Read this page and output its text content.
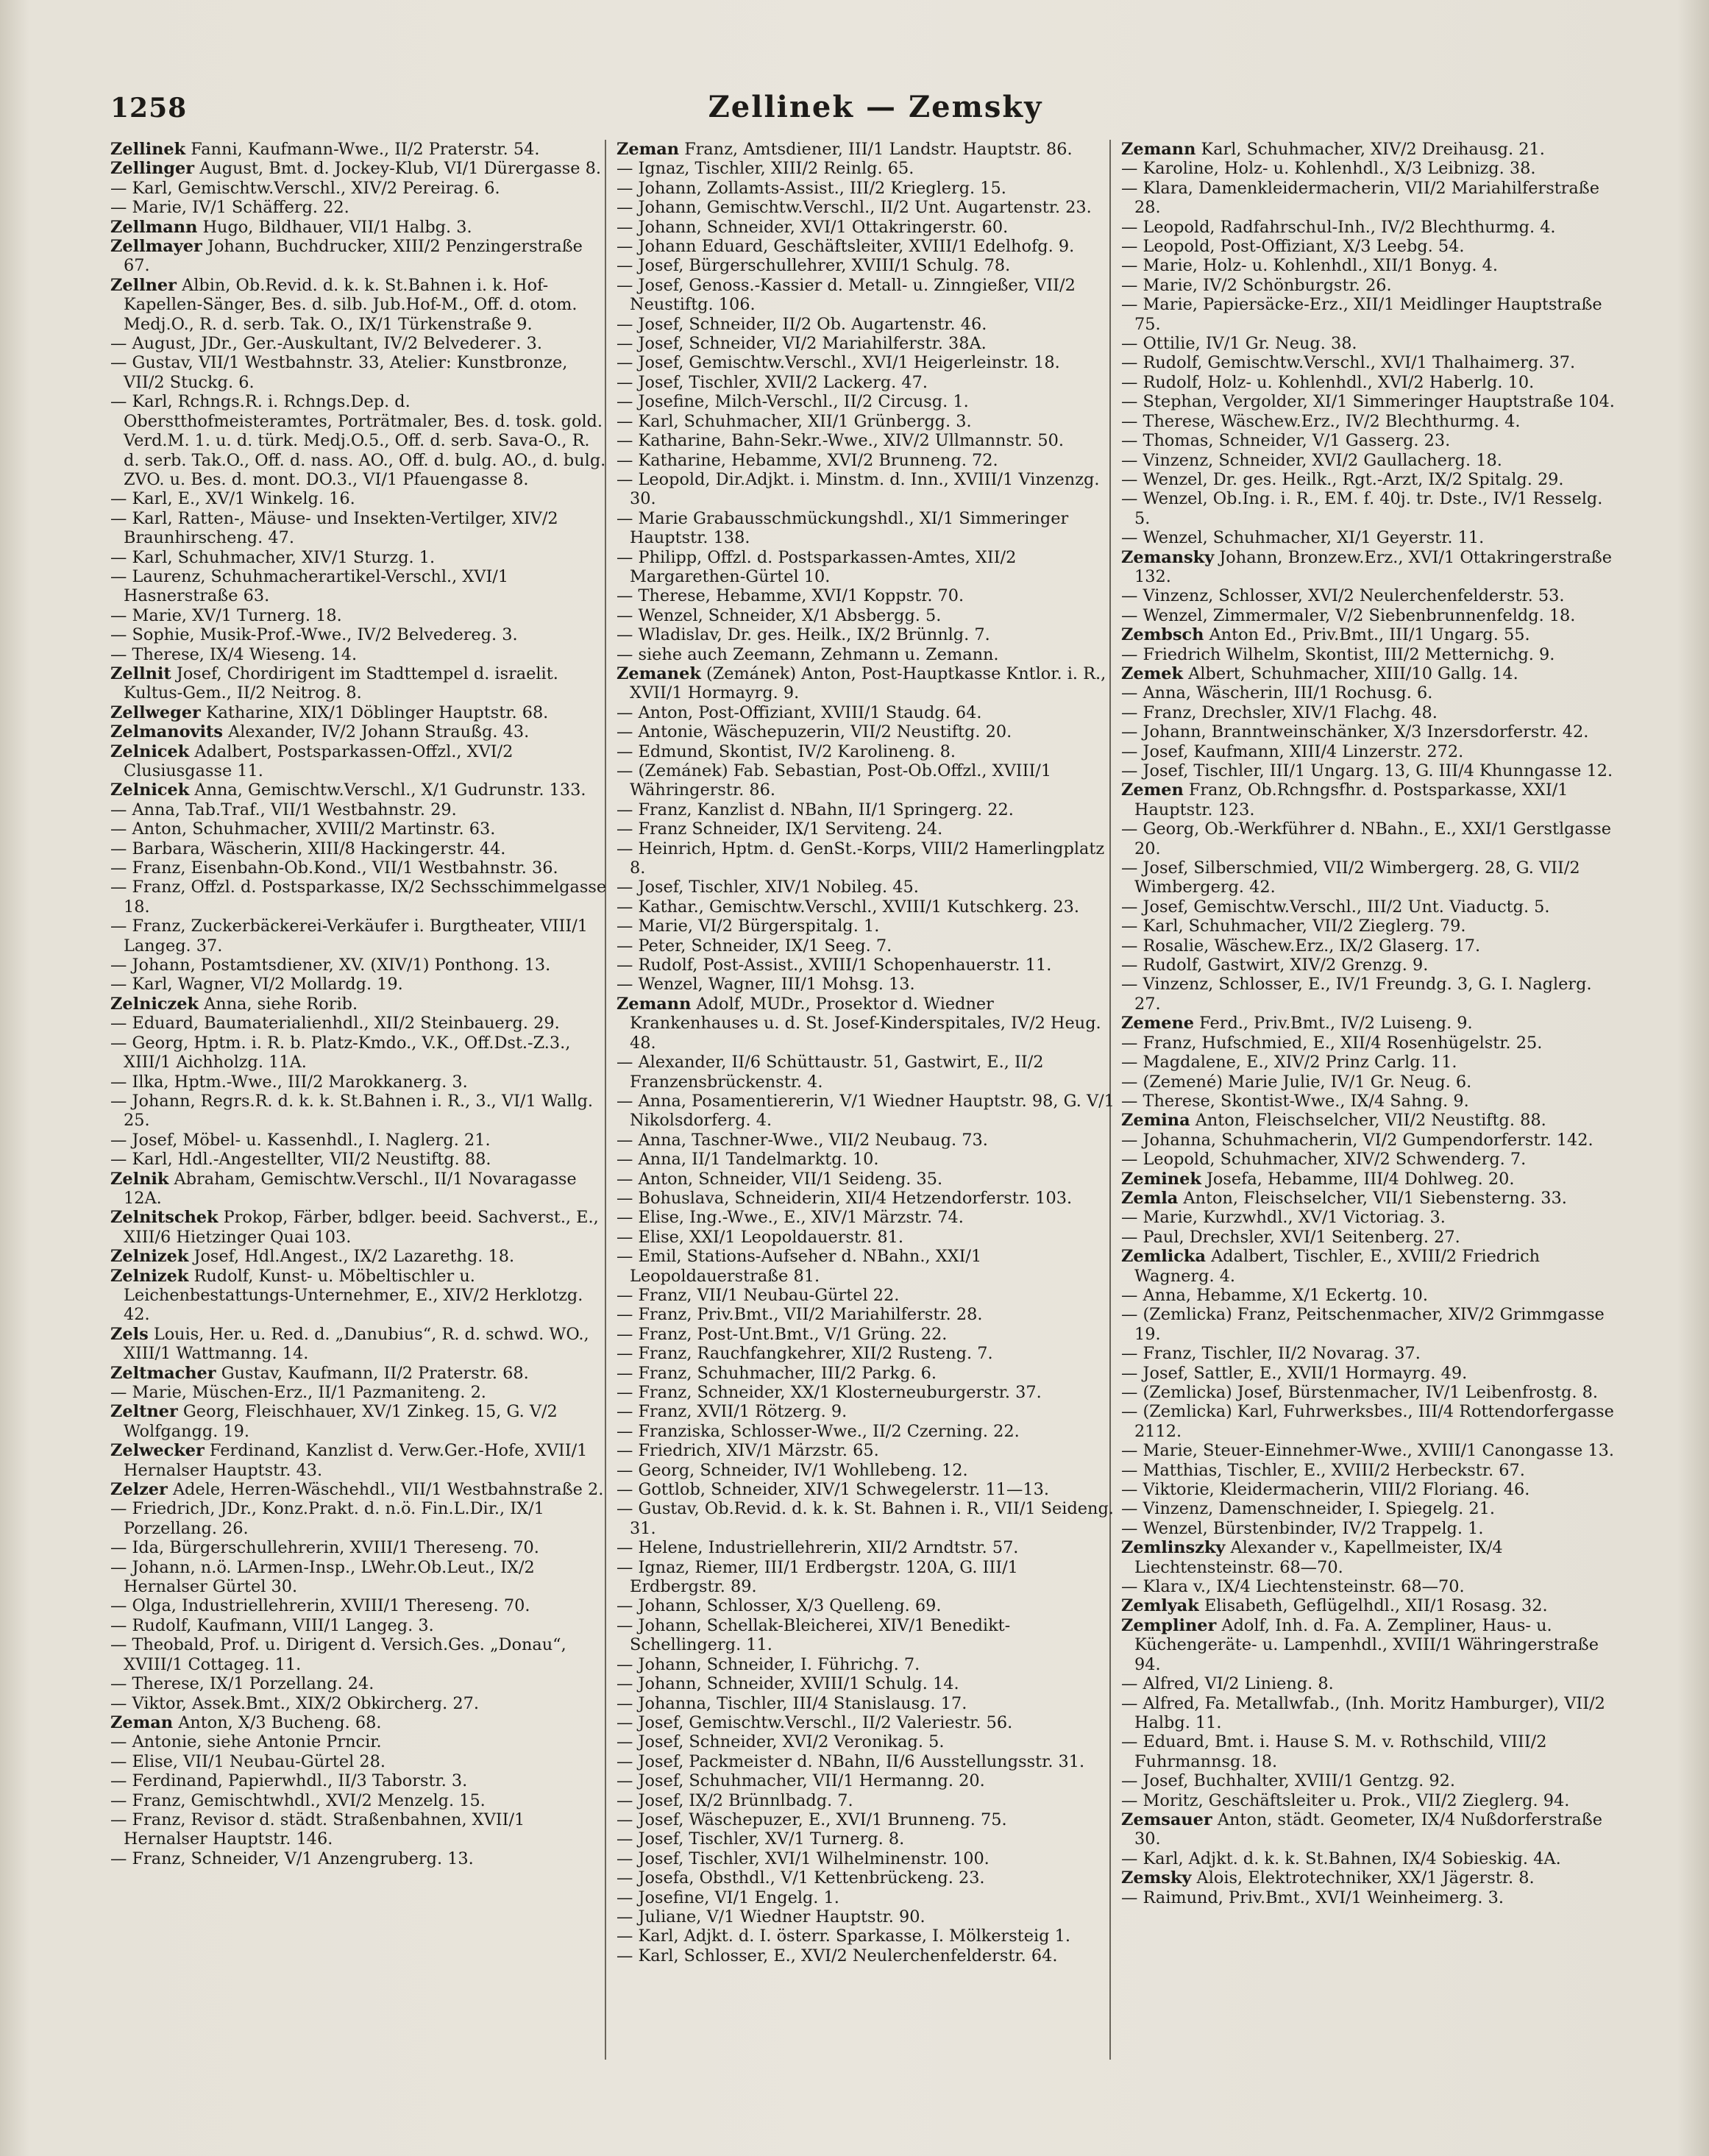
1258	Zellinek — Zemsky

Zellinek Fanni, Kaufmann-Wwe., II/2 Praterstr. 54.

Zellinger August, Bmt. d. Jockey-Klub, VI/1 Dürergasse 8.

— Karl, Gemischtw.Verschl., XIV/2 Pereirag. 6.

— Marie, IV/1 Schäfferg. 22.

Zellmann Hugo, Bildhauer, VII/1 Halbg. 3.

Zellmayer Johann, Buchdrucker, XIII/2 Penzingerstraße 67.

Zellner Albin, Ob.Revid. d. k. k. St.Bahnen i. k. Hof-Kapellen-Sänger, Bes. d. silb. Jub.Hof-M., Off. d. otom. Medj.O., R. d. serb. Tak. O., IX/1 Türkenstraße 9.

— August, JDr., Ger.-Auskultant, IV/2 Belvederег. 3.

— Gustav, VII/1 Westbahnstr. 33, Atelier: Kunstbronze, VII/2 Stuckg. 6.

— Karl, Rchngs.R. i. Rchngs.Dep. d. Oberstthofmeisteramtes, Porträtmaler, Bes. d. tosk. gold. Verd.M. 1. u. d. türk. Medj.O.5., Off. d. serb. Sava-O., R. d. serb. Tak.O., Off. d. nass. AO., Off. d. bulg. AO., d. bulg. ZVO. u. Bes. d. mont. DO.3., VI/1 Pfauengasse 8.

— Karl, E., XV/1 Winkelg. 16.

— Karl, Ratten-, Mäuse- und Insekten-Vertilger, XIV/2 Braunhirschеng. 47.

— Karl, Schuhmacher, XIV/1 Sturzg. 1.

— Laurenz, Schuhmacherartikel-Verschl., XVI/1 Hasnerstraße 63.

— Marie, XV/1 Turnerg. 18.

— Sophie, Musik-Prof.-Wwe., IV/2 Belvedereg. 3.

— Therese, IX/4 Wieseng. 14.

Zellnit Josef, Chordirigent im Stadttempel d. israelit. Kultus-Gem., II/2 Neitrog. 8.

Zellweger Katharine, XIX/1 Döblinger Hauptstr. 68.

Zelmanovits Alexander, IV/2 Johann Straußg. 43.

Zelnicek Adalbert, Postsparkassen-Offzl., XVI/2 Clusiusgasse 11.

Zelnicek Anna, Gemischtw.Verschl., X/1 Gudrunstr. 133.

— Anna, Tab.Traf., VII/1 Westbahnstr. 29.

— Anton, Schuhmacher, XVIII/2 Martinstr. 63.

— Barbara, Wäscherin, XIII/8 Hackingerstr. 44.

— Franz, Eisenbahn-Ob.Kond., VII/1 Westbahnstr. 36.

— Franz, Offzl. d. Postsparkasse, IX/2 Sechsschimmelgasse 18.

— Franz, Zuckerbäckerei-Verkäufer i. Burgtheater, VIII/1 Langeg. 37.

— Johann, Postamtsdiener, XV. (XIV/1) Ponthong. 13.

— Karl, Wagner, VI/2 Mollardg. 19.

Zelniczek Anna, siehe Rorib.

— Eduard, Baumaterialienhdl., XII/2 Steinbauerg. 29.

— Georg, Hptm. i. R. b. Platz-Kmdo., V.K., Off.Dst.-Z.3., XIII/1 Aichholzg. 11A.

— Ilka, Hptm.-Wwe., III/2 Marokkanerg. 3.

— Johann, Regrs.R. d. k. k. St.Bahnen i. R., 3., VI/1 Wallg. 25.

— Josef, Möbel- u. Kassenhdl., I. Naglerg. 21.

— Karl, Hdl.-Angestellter, VII/2 Neustiftg. 88.

Zelnik Abraham, Gemischtw.Verschl., II/1 Novaragasse 12A.

Zelnitschek Prokop, Färber, bdlger. beeid. Sachverst., E., XIII/6 Hietzinger Quai 103.

Zelnizek Josef, Hdl.Angest., IX/2 Lazarethg. 18.

Zelnizek Rudolf, Kunst- u. Möbeltischler u. Leichenbestattungs-Unternehmer, E., XIV/2 Herklotzg. 42.

Zels Louis, Her. u. Red. d. „Danubius“, R. d. schwd. WO., XIII/1 Wattmanng. 14.

Zeltmacher Gustav, Kaufmann, II/2 Praterstr. 68.

— Marie, Müschen-Erz., II/1 Pazmaniteng. 2.

Zeltner Georg, Fleischhauer, XV/1 Zinkeg. 15, G. V/2 Wolfgangg. 19.

Zelwecker Ferdinand, Kanzlist d. Verw.Ger.-Hofe, XVII/1 Hernalser Hauptstr. 43.

Zelzer Adele, Herren-Wäschehdl., VII/1 Westbahnstraße 2.

— Friedrich, JDr., Konz.Prakt. d. n.ö. Fin.L.Dir., IX/1 Porzellang. 26.

— Ida, Bürgerschullehrerin, XVIII/1 Thereseng. 70.

— Johann, n.ö. LArmen-Insp., LWehr.Ob.Leut., IX/2 Hernalser Gürtel 30.

— Olga, Industriellehrerin, XVIII/1 Thereseng. 70.

— Rudolf, Kaufmann, VIII/1 Langeg. 3.

— Theobald, Prof. u. Dirigent d. Versich.Ges. „Donau“, XVIII/1 Cottageg. 11.

— Therese, IX/1 Porzellang. 24.

— Viktor, Assek.Bmt., XIX/2 Obkirchеrg. 27.

Zeman Anton, X/3 Bucheng. 68.

— Antonie, siehe Antonie Prncir.

— Elise, VII/1 Neubau-Gürtel 28.

— Ferdinand, Papierwhdl., II/3 Taborstr. 3.

— Franz, Gemischtwhdl., XVI/2 Menzelg. 15.

— Franz, Revisor d. städt. Straßenbahnen, XVII/1 Hernalser Hauptstr. 146.

— Franz, Schneider, V/1 Anzengruberg. 13.

Zeman Franz, Amtsdiener, III/1 Landstr. Hauptstr. 86.

— Ignaz, Tischler, XIII/2 Reinlg. 65.

— Johann, Zollamts-Assist., III/2 Kriеglerg. 15.

— Johann, Gemischtw.Verschl., II/2 Unt. Augartenstr. 23.

— Johann, Schneider, XVI/1 Ottakringerstr. 60.

— Johann Eduard, Geschäftsleiter, XVIII/1 Edelhofg. 9.

— Josef, Bürgerschullehrer, XVIII/1 Schulg. 78.

— Josef, Genoss.-Kassier d. Metall- u. Zinngießer, VII/2 Neustiftg. 106.

— Josef, Schneider, II/2 Ob. Augartenstr. 46.

— Josef, Schneider, VI/2 Mariahilferstr. 38A.

— Josef, Gemischtw.Verschl., XVI/1 Heigerleinstr. 18.

— Josef, Tischler, XVII/2 Lackerg. 47.

— Josefine, Milch-Verschl., II/2 Circusg. 1.

— Karl, Schuhmacher, XII/1 Grünbergg. 3.

— Katharine, Bahn-Sekr.-Wwe., XIV/2 Ullmannstr. 50.

— Katharine, Hebamme, XVI/2 Brunneng. 72.

— Leopold, Dir.Adjkt. i. Minstm. d. Inn., XVIII/1 Vinzenzg. 30.

— Marie Grabausschmückungshdl., XI/1 Simmeringer Hauptstr. 138.

— Philipp, Offzl. d. Postsparkassen-Amtes, XII/2 Margarethen-Gürtel 10.

— Therese, Hebamme, XVI/1 Koppstr. 70.

— Wenzel, Schneider, X/1 Absbergg. 5.

— Wladislav, Dr. ges. Heilk., IX/2 Brünnlg. 7.

— siehe auch Zeemann, Zehmann u. Zemann.

Zemanek (Zemánek) Anton, Post-Hauptkasse Kntlor. i. R., XVII/1 Hormayrg. 9.

— Anton, Post-Offiziant, XVIII/1 Staudg. 64.

— Antonie, Wäschepuzerin, VII/2 Neustiftg. 20.

— Edmund, Skontist, IV/2 Karolineng. 8.

— (Zemánek) Fab. Sebastian, Post-Ob.Offzl., XVIII/1 Währingerstr. 86.

— Franz, Kanzlist d. NBahn, II/1 Springerg. 22.

— Franz Schneider, IX/1 Serviteng. 24.

— Heinrich, Hptm. d. GenSt.-Korps, VIII/2 Hamerlingplatz 8.

— Josef, Tischler, XIV/1 Nobileg. 45.

— Kathar., Gemischtw.Verschl., XVIII/1 Kutschkerg. 23.

— Marie, VI/2 Bürgerspitalg. 1.

— Peter, Schneider, IX/1 Seeg. 7.

— Rudolf, Post-Assist., XVIII/1 Schopenhauerstr. 11.

— Wenzel, Wagner, III/1 Mohsg. 13.

Zemann Adolf, MUDr., Prosektor d. Wiedner Krankenhauses u. d. St. Josef-Kinderspitales, IV/2 Heug. 48.

— Alexander, II/6 Schüttaustr. 51, Gastwirt, E., II/2 Franzensbrückenstr. 4.

— Anna, Posamentiererin, V/1 Wiedner Hauptstr. 98, G. V/1 Nikolsdorferg. 4.

— Anna, Taschner-Wwe., VII/2 Neubaug. 73.

— Anna, II/1 Tandelmarktg. 10.

— Anton, Schneider, VII/1 Seideng. 35.

— Bohuslava, Schneiderin, XII/4 Hetzendorferstr. 103.

— Elise, Ing.-Wwe., E., XIV/1 Märzstr. 74.

— Elise, XXI/1 Leopoldauerstr. 81.

— Emil, Stations-Aufseher d. NBahn., XXI/1 Leopoldauerstraße 81.

— Franz, VII/1 Neubau-Gürtel 22.

— Franz, Priv.Bmt., VII/2 Mariahilferstr. 28.

— Franz, Post-Unt.Bmt., V/1 Grüng. 22.

— Franz, Rauchfangkehrer, XII/2 Rusteng. 7.

— Franz, Schuhmacher, III/2 Parkg. 6.

— Franz, Schneider, XX/1 Klosterneuburgerstr. 37.

— Franz, XVII/1 Rötzerg. 9.

— Franziska, Schlosser-Wwe., II/2 Czerning. 22.

— Friedrich, XIV/1 Märzstr. 65.

— Georg, Schneider, IV/1 Wohllebeng. 12.

— Gottlob, Schneider, XIV/1 Schwegelerstr. 11—13.

— Gustav, Ob.Revid. d. k. k. St. Bahnen i. R., VII/1 Seideng. 31.

— Helene, Industriellehrerin, XII/2 Arndtstr. 57.

— Ignaz, Riemer, III/1 Erdbergstr. 120A, G. III/1 Erdbergstr. 89.

— Johann, Schlosser, X/3 Quelleng. 69.

— Johann, Schellak-Bleicherei, XIV/1 Benedikt-Schellingerg. 11.

— Johann, Schneider, I. Führichg. 7.

— Johann, Schneider, XVIII/1 Schulg. 14.

— Johanna, Tischler, III/4 Stanislausg. 17.

— Josef, Gemischtw.Verschl., II/2 Valeriestr. 56.

— Josef, Schneider, XVI/2 Veronikag. 5.

— Josef, Packmeister d. NBahn, II/6 Ausstellungsstr. 31.

— Josef, Schuhmacher, VII/1 Hermanng. 20.

— Josef, IX/2 Brünnlbadg. 7.

— Josef, Wäschepuzer, E., XVI/1 Brunneng. 75.

— Josef, Tischler, XV/1 Turnerg. 8.

— Josef, Tischler, XVI/1 Wilhelminenstr. 100.

— Josefa, Obsthdl., V/1 Kettenbrückeng. 23.

— Josefine, VI/1 Engelg. 1.

— Juliane, V/1 Wiedner Hauptstr. 90.

— Karl, Adjkt. d. I. österr. Sparkasse, I. Mölkersteig 1.

— Karl, Schlosser, E., XVI/2 Neulerchenfelderstr. 64.

Zemann Karl, Schuhmacher, XIV/2 Dreihausg. 21.

— Karoline, Holz- u. Kohlenhdl., X/3 Leibnizg. 38.

— Klara, Damenkleidermacherin, VII/2 Mariahilferstraße 28.

— Leopold, Radfahrschul-Inh., IV/2 Blechthurmg. 4.

— Leopold, Post-Offiziant, X/3 Leebg. 54.

— Marie, Holz- u. Kohlenhdl., XII/1 Bonyg. 4.

— Marie, IV/2 Schönburgstr. 26.

— Marie, Papiersäcke-Erz., XII/1 Meidlinger Hauptstraße 75.

— Ottilie, IV/1 Gr. Neug. 38.

— Rudolf, Gemischtw.Verschl., XVI/1 Thalhaimerg. 37.

— Rudolf, Holz- u. Kohlenhdl., XVI/2 Haberlg. 10.

— Stephan, Vergolder, XI/1 Simmeringer Hauptstraße 104.

— Therese, Wäschew.Erz., IV/2 Blechthurmg. 4.

— Thomas, Schneider, V/1 Gasserg. 23.

— Vinzenz, Schneider, XVI/2 Gaullacherg. 18.

— Wenzel, Dr. ges. Heilk., Rgt.-Arzt, IX/2 Spitalg. 29.

— Wenzel, Ob.Ing. i. R., EM. f. 40j. tr. Dste., IV/1 Resselg. 5.

— Wenzel, Schuhmacher, XI/1 Geyerstr. 11.

Zemansky Johann, Bronzew.Erz., XVI/1 Ottakringerstraße 132.

— Vinzenz, Schlosser, XVI/2 Neulerchenfelderstr. 53.

— Wenzel, Zimmermaler, V/2 Siebenbrunnenfeldg. 18.

Zembsch Anton Ed., Priv.Bmt., III/1 Ungarg. 55.

— Friedrich Wilhelm, Skontist, III/2 Metternichg. 9.

Zemek Albert, Schuhmacher, XIII/10 Gallg. 14.

— Anna, Wäscherin, III/1 Rochusg. 6.

— Franz, Drechsler, XIV/1 Flachg. 48.

— Johann, Branntweinschänker, X/3 Inzersdorferstr. 42.

— Josef, Kaufmann, XIII/4 Linzerstr. 272.

— Josef, Tischler, III/1 Ungarg. 13, G. III/4 Khunngasse 12.

Zemen Franz, Ob.Rchngsfhr. d. Postsparkasse, XXI/1 Hauptstr. 123.

— Georg, Ob.-Werkführer d. NBahn., E., XXI/1 Gerstlgasse 20.

— Josef, Silberschmied, VII/2 Wimbergerg. 28, G. VII/2 Wimbergerg. 42.

— Josef, Gemischtw.Verschl., III/2 Unt. Viaductg. 5.

— Karl, Schuhmacher, VII/2 Zieglerg. 79.

— Rosalie, Wäschew.Erz., IX/2 Glaserg. 17.

— Rudolf, Gastwirt, XIV/2 Grenzg. 9.

— Vinzenz, Schlosser, E., IV/1 Freundg. 3, G. I. Naglerg. 27.

Zemene Ferd., Priv.Bmt., IV/2 Luiseng. 9.

— Franz, Hufschmied, E., XII/4 Rosenhügelstr. 25.

— Magdalene, E., XIV/2 Prinz Carlg. 11.

— (Zemené) Marie Julie, IV/1 Gr. Neug. 6.

— Therese, Skontist-Wwe., IX/4 Sahng. 9.

Zemina Anton, Fleischselcher, VII/2 Neustiftg. 88.

— Johanna, Schuhmacherin, VI/2 Gumpendorferstr. 142.

— Leopold, Schuhmacher, XIV/2 Schwenderg. 7.

Zeminek Josefa, Hebamme, III/4 Dohlweg. 20.

Zemla Anton, Fleischselcher, VII/1 Siebensterng. 33.

— Marie, Kurzwhdl., XV/1 Victoriag. 3.

— Paul, Drechsler, XVI/1 Seitenberg. 27.

Zemlicka Adalbert, Tischler, E., XVIII/2 Friedrich Wagnerg. 4.

— Anna, Hebamme, X/1 Eckertg. 10.

— (Zemlicka) Franz, Peitschenmacher, XIV/2 Grimmgasse 19.

— Franz, Tischler, II/2 Novarag. 37.

— Josef, Sattler, E., XVII/1 Hormayrg. 49.

— (Zemlicka) Josef, Bürstenmacher, IV/1 Leibenfrostg. 8.

— (Zemlicka) Karl, Fuhrwerksbes., III/4 Rottendorfergasse 2112.

— Marie, Steuer-Einnehmer-Wwe., XVIII/1 Canongasse 13.

— Matthias, Tischler, E., XVIII/2 Herbeckstr. 67.

— Viktorie, Kleidermacherin, VIII/2 Floriang. 46.

— Vinzenz, Damenschneider, I. Spiegelg. 21.

— Wenzel, Bürstenbinder, IV/2 Trappelg. 1.

Zemlinszky Alexander v., Kapellmeister, IX/4 Liechtensteinstr. 68—70.

— Klara v., IX/4 Liechtensteinstr. 68—70.

Zemlyak Elisabeth, Geflügelhdl., XII/1 Rosasg. 32.

Zemplіner Adolf, Inh. d. Fa. A. Zempliner, Haus- u. Küchengeräte- u. Lampenhdl., XVIII/1 Währingerstraße 94.

— Alfred, VI/2 Linieng. 8.

— Alfred, Fa. Metallwfab., (Inh. Moritz Hamburger), VII/2 Halbg. 11.

— Eduard, Bmt. i. Hause S. M. v. Rothschild, VIII/2 Fuhrmannsg. 18.

— Josef, Buchhalter, XVIII/1 Gentzg. 92.

— Moritz, Geschäftsleiter u. Prok., VII/2 Zieglerg. 94.

Zemsauer Anton, städt. Geometer, IX/4 Nußdorferstraße 30.

— Karl, Adjkt. d. k. k. St.Bahnen, IX/4 Sobieskig. 4A.

Zemsky Alois, Elektrotechniker, XX/1 Jägerstr. 8.

— Raimund, Priv.Bmt., XVI/1 Weinheimerg. 3.
